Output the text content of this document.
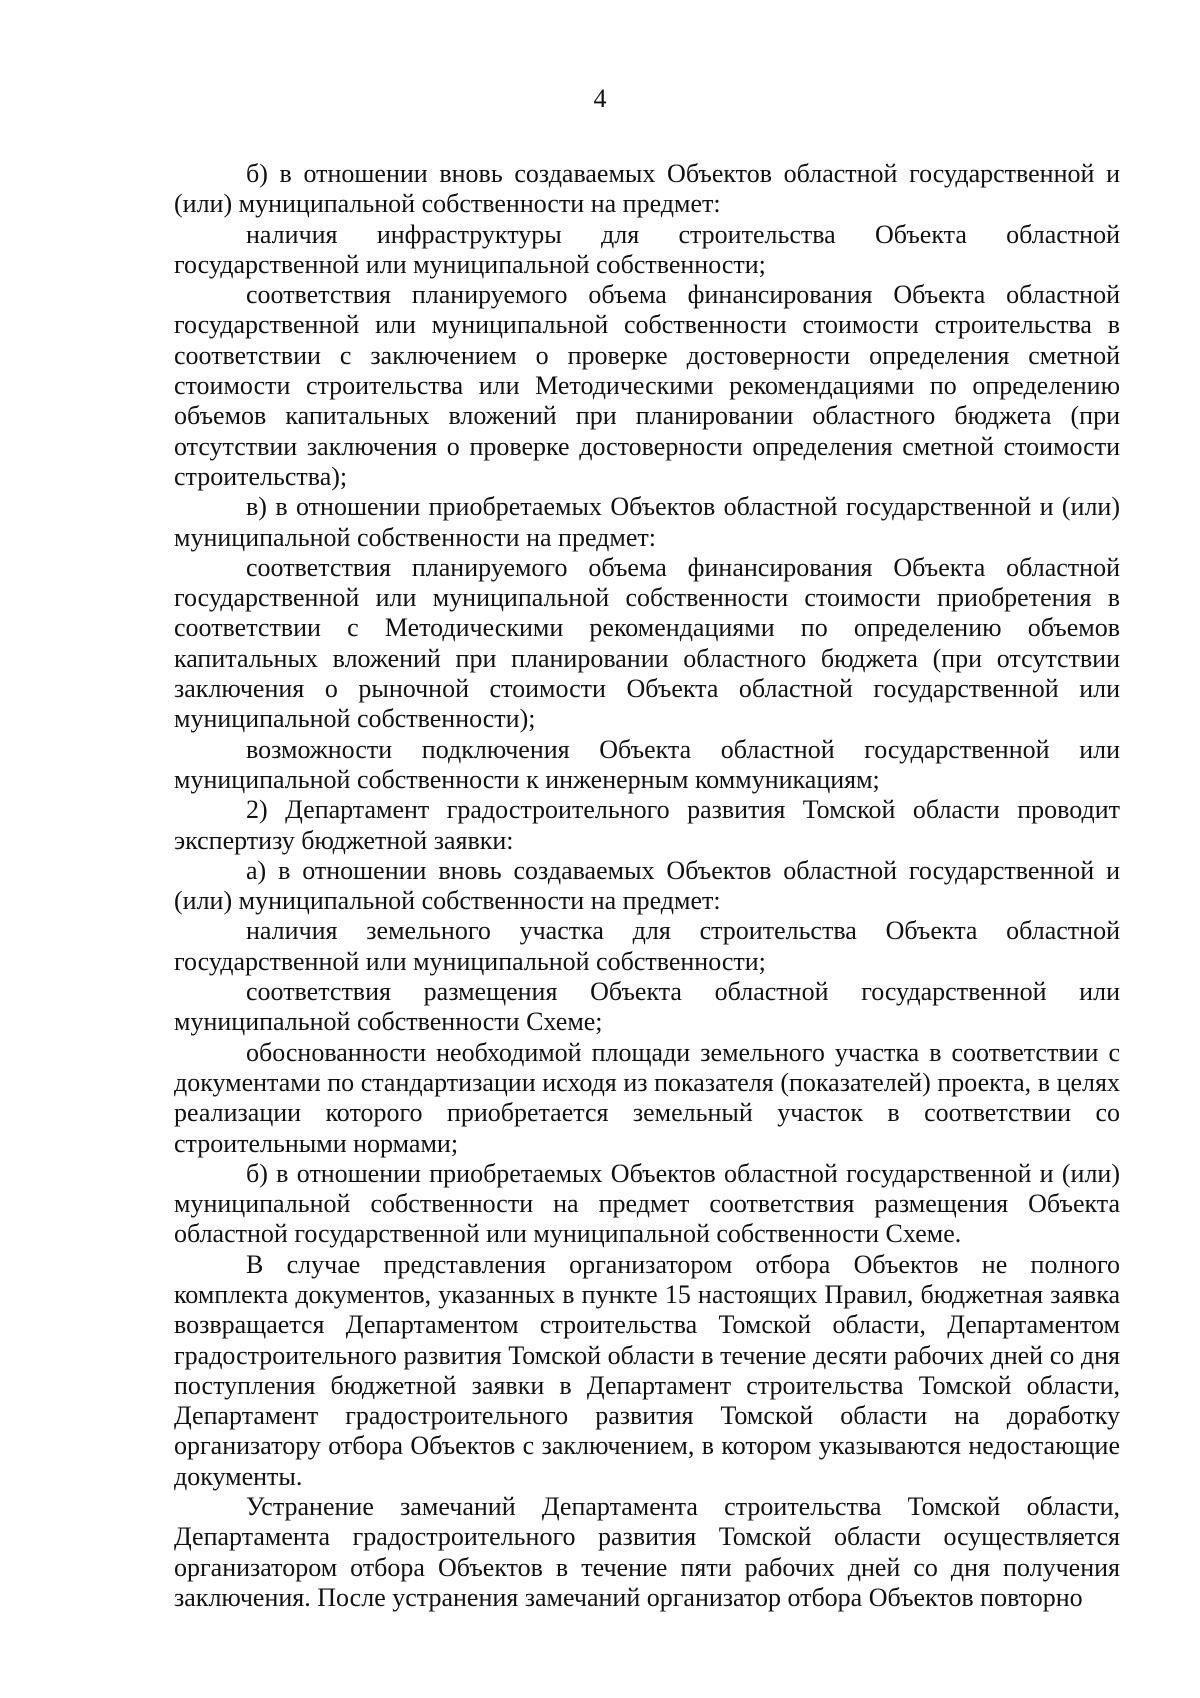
4

б) в отношении вновь создаваемых Объектов областной государственной и (или) муниципальной собственности на предмет:

наличия инфраструктуры для строительства Объекта областной государственной или муниципальной собственности;

соответствия планируемого объема финансирования Объекта областной государственной или муниципальной собственности стоимости строительства в соответствии с заключением о проверке достоверности определения сметной стоимости строительства или Методическими рекомендациями по определению объемов капитальных вложений при планировании областного бюджета (при отсутствии заключения о проверке достоверности определения сметной стоимости строительства);

в) в отношении приобретаемых Объектов областной государственной и (или) муниципальной собственности на предмет:

соответствия планируемого объема финансирования Объекта областной государственной или муниципальной собственности стоимости приобретения в соответствии с Методическими рекомендациями по определению объемов капитальных вложений при планировании областного бюджета (при отсутствии заключения о рыночной стоимости Объекта областной государственной или муниципальной собственности);

возможности подключения Объекта областной государственной или муниципальной собственности к инженерным коммуникациям;

2) Департамент градостроительного развития Томской области проводит экспертизу бюджетной заявки:

а) в отношении вновь создаваемых Объектов областной государственной и (или) муниципальной собственности на предмет:

наличия земельного участка для строительства Объекта областной государственной или муниципальной собственности;

соответствия размещения Объекта областной государственной или муниципальной собственности Схеме;

обоснованности необходимой площади земельного участка в соответствии с документами по стандартизации исходя из показателя (показателей) проекта, в целях реализации которого приобретается земельный участок в соответствии со строительными нормами;

б) в отношении приобретаемых Объектов областной государственной и (или) муниципальной собственности на предмет соответствия размещения Объекта областной государственной или муниципальной собственности Схеме.

В случае представления организатором отбора Объектов не полного комплекта документов, указанных в пункте 15 настоящих Правил, бюджетная заявка возвращается Департаментом строительства Томской области, Департаментом градостроительного развития Томской области в течение десяти рабочих дней со дня поступления бюджетной заявки в Департамент строительства Томской области, Департамент градостроительного развития Томской области на доработку организатору отбора Объектов с заключением, в котором указываются недостающие документы.

Устранение замечаний Департамента строительства Томской области, Департамента градостроительного развития Томской области осуществляется организатором отбора Объектов в течение пяти рабочих дней со дня получения заключения. После устранения замечаний организатор отбора Объектов повторно
